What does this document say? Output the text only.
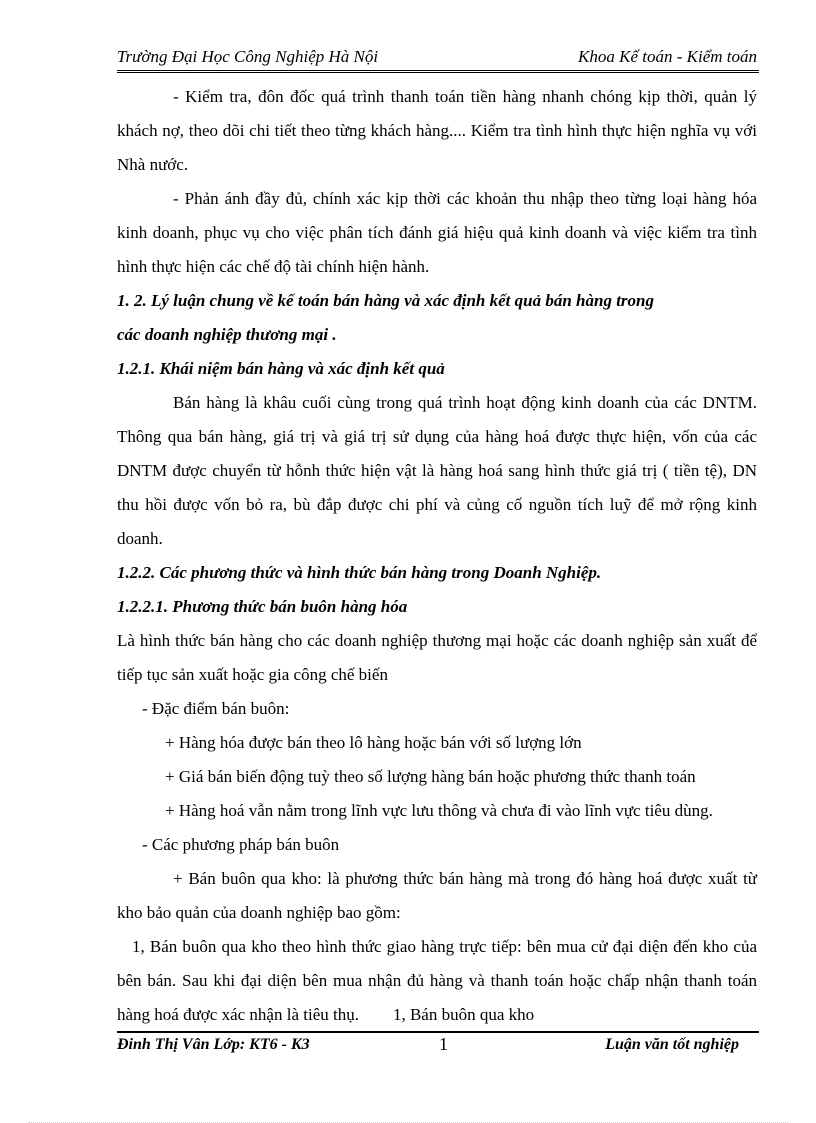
Trường Đại Học Công Nghiệp Hà Nội	Khoa Kế toán - Kiểm toán

- Kiểm tra, đôn đốc quá trình thanh toán tiền hàng nhanh chóng kịp thời, quản lý khách nợ, theo dõi chi tiết theo từng khách hàng.... Kiểm tra tình hình thực hiện nghĩa vụ với Nhà nước.

- Phản ánh đầy đủ, chính xác kịp thời các khoản thu nhập theo từng loại hàng hóa kinh doanh, phục vụ cho việc phân tích đánh giá hiệu quả kinh doanh và việc kiểm tra tình hình thực hiện các chế độ tài chính hiện hành.

1. 2. Lý luận chung về kế toán bán hàng và xác định kết quả bán hàng trong

các doanh nghiệp thương mại .

1.2.1. Khái niệm bán hàng và xác định kết quả

Bán hàng là khâu cuối cùng trong quá trình hoạt động kinh doanh của các DNTM. Thông qua bán hàng, giá trị và giá trị sử dụng của hàng hoá được thực hiện, vốn của các DNTM được chuyển từ hỗnh thức hiện vật là hàng hoá sang hình thức giá trị ( tiền tệ), DN thu hồi được vốn bỏ ra, bù đắp được chi phí và củng cố nguồn tích luỹ để mở rộng kinh doanh.

1.2.2. Các phương thức và hình thức bán hàng trong Doanh Nghiệp.

1.2.2.1. Phương thức bán buôn hàng hóa

Là hình thức bán hàng cho các doanh nghiệp thương mại hoặc các doanh nghiệp sản xuất để tiếp tục sản xuất hoặc gia công chế biến

- Đặc điểm bán buôn:

+ Hàng hóa được bán theo lô hàng hoặc bán với số lượng lớn

+ Giá bán biến động tuỳ theo số lượng hàng bán hoặc phương thức thanh toán

+ Hàng hoá vẫn nằm trong lĩnh vực lưu thông và chưa đi vào lĩnh vực tiêu dùng.

- Các phương pháp bán buôn

+ Bán buôn qua kho: là phương thức bán hàng mà trong đó hàng hoá được xuất từ kho bảo quản của doanh nghiệp bao gồm:

1, Bán buôn qua kho theo hình thức giao hàng trực tiếp: bên mua cử đại diện đến kho của bên bán. Sau khi đại diện bên mua nhận đủ hàng và thanh toán hoặc chấp nhận thanh toán hàng hoá được xác nhận là tiêu thụ. 1, Bán buôn qua kho

Đinh Thị Vân Lớp: KT6 - K3	1	Luận văn tốt nghiệp
